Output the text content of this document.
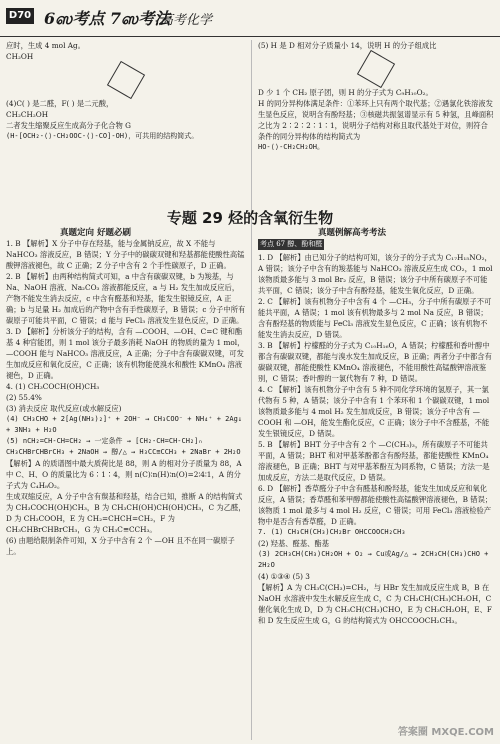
D70 6ஸ考点 7ஸ考法
高考化学

应时，生成 4 mol Ag。

CH₂OH

(4)C( ) 是二醛，F( ) 是二元酸，

CH₂CH₂OH

二者发生缩聚反应生成高分子化合物 G

(H-[OCH₂-⟨⟩-CH₂OOC-⟨⟩-CO]-OH)，可共用的结构简式。

(5) H 是 D 相对分子质量小 14，说明 H 的分子组成比

D 少 1 个 CH₂ 原子团，则 H 的分子式为 C₉H₁₀O₂。

H 的同分异构体满足条件：①苯环上只有两个取代基；②遇氯化铁溶液发生显色反应，说明含有酚羟基；③核磁共振氢谱显示有 5 种氢，且峰面积之比为 2∶2∶2∶1∶1，说明分子结构对称且取代基处于对位，则符合条件的同分异构体的结构简式为

HO-⟨⟩-CH₂CH₂OH。

专题 29 烃的含氧衍生物
真题定向 好题必刷	真题例解高考考法

1. B 【解析】X 分子中存在羟基，能与金属钠反应，故 X 不能与 NaHCO₃ 溶液反应，B 错误；Y 分子中的碳碳双键和羟基都能使酸性高锰酸钾溶液褪色，故 C 正确；Z 分子中含有 2 个手性碳原子，D 正确。

2. B 【解析】由两种结构简式可知，a 中含有碳碳双键，b 为羧基，与 Na、NaOH 溶液、Na₂CO₃ 溶液都能反应，a 与 H₂ 发生加成反应后，产物不能发生消去反应，c 中含有醛基和羟基，能发生银镜反应，A 正确；b 与足量 H₂ 加成后的产物中含有手性碳原子，B 错误；c 分子中所有碳原子可能共平面，C 错误；d 能与 FeCl₃ 溶液发生显色反应，D 正确。

3. D 【解析】分析该分子的结构，含有 —COOH、—OH、C=C 键和酯基 4 种官能团，则 1 mol 该分子最多消耗 NaOH 的物质的量为 1 mol，—COOH 能与 NaHCO₃ 溶液反应，A 正确；分子中含有碳碳双键，可发生加成反应和氧化反应，C 正确；该有机物能使溴水和酸性 KMnO₄ 溶液褪色，D 正确。

4. (1) CH₃COCH(OH)CH₃

(2) 55.4%

(3) 消去反应 取代反应(或水解反应)

(4) CH₃CHO + 2[Ag(NH₃)₂]⁺ + 2OH⁻ → CH₃COO⁻ + NH₄⁺ + 2Ag↓ + 3NH₃ + H₂O

(5) nCH₂=CH-CH=CH₂ → 一定条件 → [CH₂-CH=CH-CH₂]ₙ

CH₃CHBrCHBrCH₃ + 2NaOH → 醇/△ → H₃CC≡CCH₃ + 2NaBr + 2H₂O

【解析】A 的质谱图中最大质荷比是 88，则 A 的相对分子质量为 88，A 中 C、H、O 的质量比为 6∶1∶4，则 n(C)∶n(H)∶n(O)=2∶4∶1，A 的分子式为 C₄H₈O₂。

生成双缩反应，A 分子中含有羰基和羟基，结合已知，推断 A 的结构简式为 CH₃COCH(OH)CH₃，B 为 CH₃CH(OH)CH(OH)CH₃，C 为乙醛，D 为 CH₃COOH，E 为 CH₂=CHCH=CH₂，F 为 CH₃CHBrCHBrCH₃，G 为 CH₃C≡CCH₃。

(6) 由题给限制条件可知，X 分子中含有 2 个 —OH 且不在同一碳原子上。

考点 67 醇、酚和醛

1. D 【解析】由已知分子的结构可知，该分子的分子式为 C₁₇H₁₅NO₂，A 错误；该分子中含有的羧基能与 NaHCO₃ 溶液反应生成 CO₂，1 mol 该物质最多能与 3 mol Br₂ 反应，B 错误；该分子中所有碳原子不可能共平面，C 错误；该分子中含有酚羟基，能发生氧化反应，D 正确。

2. C 【解析】该有机物分子中含有 4 个 —CH₃，分子中所有碳原子不可能共平面，A 错误；1 mol 该有机物最多与 2 mol Na 反应，B 错误；含有酚羟基的物质能与 FeCl₃ 溶液发生显色反应，C 正确；该有机物不能发生消去反应，D 错误。

3. B 【解析】柠檬醛的分子式为 C₁₀H₁₆O，A 错误；柠檬醛和香叶醇中都含有碳碳双键，都能与溴水发生加成反应，B 正确；两者分子中都含有碳碳双键，都能使酸性 KMnO₄ 溶液褪色，不能用酸性高锰酸钾溶液鉴别，C 错误；香叶醇的一氯代物有 7 种，D 错误。

4. C 【解析】该有机物分子中含有 5 种不同化学环境的氢原子，其一氯代物有 5 种，A 错误；该分子中含有 1 个苯环和 1 个碳碳双键，1 mol 该物质最多能与 4 mol H₂ 发生加成反应，B 错误；该分子中含有 —COOH 和 —OH，能发生酯化反应，C 正确；该分子中不含醛基，不能发生银镜反应，D 错误。

5. B 【解析】BHT 分子中含有 2 个 —C(CH₃)₃，所有碳原子不可能共平面，A 错误；BHT 和对甲基苯酚都含有酚羟基，都能使酸性 KMnO₄ 溶液褪色，B 正确；BHT 与对甲基苯酚互为同系物，C 错误；方法一是加成反应，方法二是取代反应，D 错误。

6. D 【解析】香草醛分子中含有醛基和酚羟基，能发生加成反应和氧化反应，A 错误；香草醛和苯甲醇都能使酸性高锰酸钾溶液褪色，B 错误；该物质 1 mol 最多与 4 mol H₂ 反应，C 错误；可用 FeCl₃ 溶液检验产物中是否含有香草醛，D 正确。

7. (1) CH₃CH(CH₃)CH₂Br OHCCOOCH₂CH₃

(2) 羟基、醛基、酯基

(3) 2CH₃CH(CH₃)CH₂OH + O₂ → Cu或Ag/△ → 2CH₃CH(CH₃)CHO + 2H₂O

(4) ①③④ (5) 3

【解析】A 为 CH₃C(CH₃)=CH₂，与 HBr 发生加成反应生成 B，B 在 NaOH 水溶液中发生水解反应生成 C，C 为 CH₃CH(CH₃)CH₂OH，C 催化氧化生成 D，D 为 CH₃CH(CH₃)CHO，E 为 CH₃CH₂OH，E、F 和 D 发生反应生成 G，G 的结构简式为 OHCCOOCH₂CH₃。

答案圈 MXQE.COM
